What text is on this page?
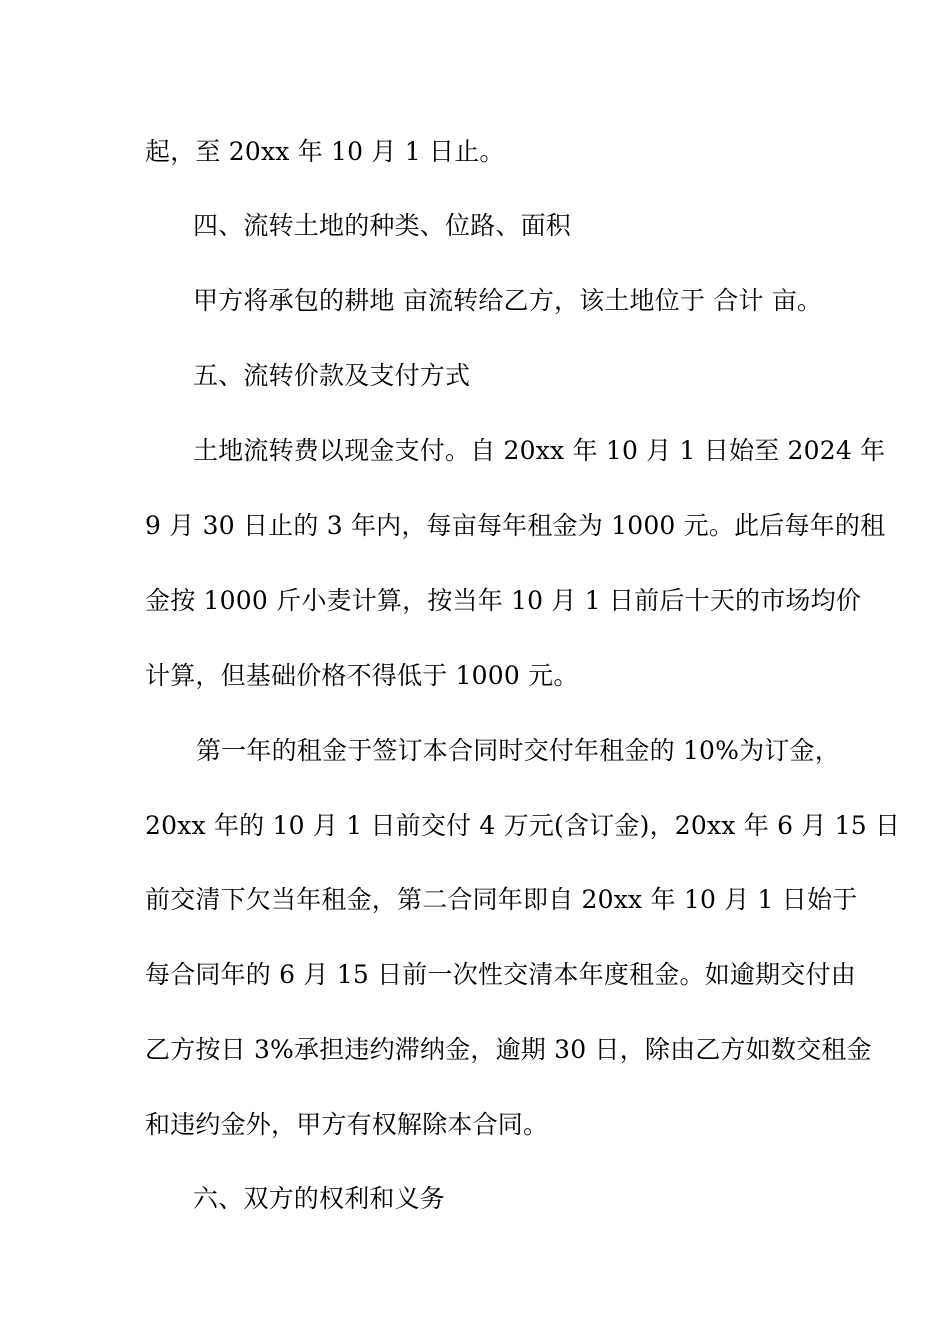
起，至 20xx 年 10 月 1 日止。
四、流转土地的种类、位路、面积
甲方将承包的耕地 亩流转给乙方，该土地位于 合计 亩。
五、流转价款及支付方式
土地流转费以现金支付。自 20xx 年 10 月 1 日始至 2024 年
9 月 30 日止的 3 年内，每亩每年租金为 1000 元。此后每年的租
金按 1000 斤小麦计算，按当年 10 月 1 日前后十天的市场均价
计算，但基础价格不得低于 1000 元。
第一年的租金于签订本合同时交付年租金的 10%为订金，
20xx 年的 10 月 1 日前交付 4 万元(含订金)，20xx 年 6 月 15 日
前交清下欠当年租金，第二合同年即自 20xx 年 10 月 1 日始于
每合同年的 6 月 15 日前一次性交清本年度租金。如逾期交付由
乙方按日 3%承担违约滞纳金，逾期 30 日，除由乙方如数交租金
和违约金外，甲方有权解除本合同。
六、双方的权利和义务
